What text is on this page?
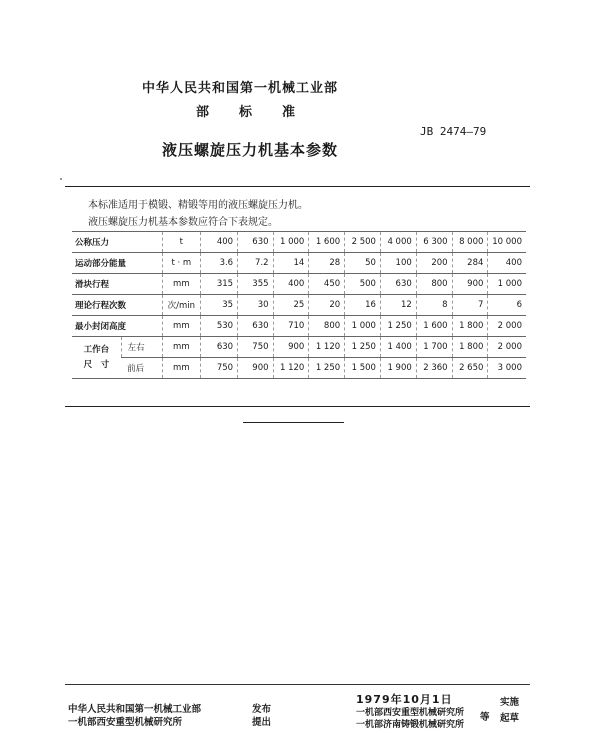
中华人民共和国第一机械工业部
部 标 准
JB 2474—79
液压螺旋压力机基本参数
本标准适用于模锻、精锻等用的液压螺旋压力机。
液压螺旋压力机基本参数应符合下表规定。
公称压力		t	400	630	1 000	1 600	2 500	4 000	6 300	8 000	10 000
运动部分能量		t · m	3.6	7.2	14	28	50	100	200	284	400
滑块行程		mm	315	355	400	450	500	630	800	900	1 000
理论行程次数		次/min	35	30	25	20	16	12	8	7	6
最小封闭高度		mm	530	630	710	800	1 000	1 250	1 600	1 800	2 000

工作台
尺　寸	左右	mm	630	750	900	1 120	1 250	1 400	1 700	1 800	2 000
	前后	mm	750	900	1 120	1 250	1 500	1 900	2 360	2 650	3 000
中华人民共和国第一机械工业部	发布
一机部西安重型机械研究所	提出
1979年10月1日	实施
一机部西安重型机械研究所
一机部济南铸锻机械研究所
等 起草
